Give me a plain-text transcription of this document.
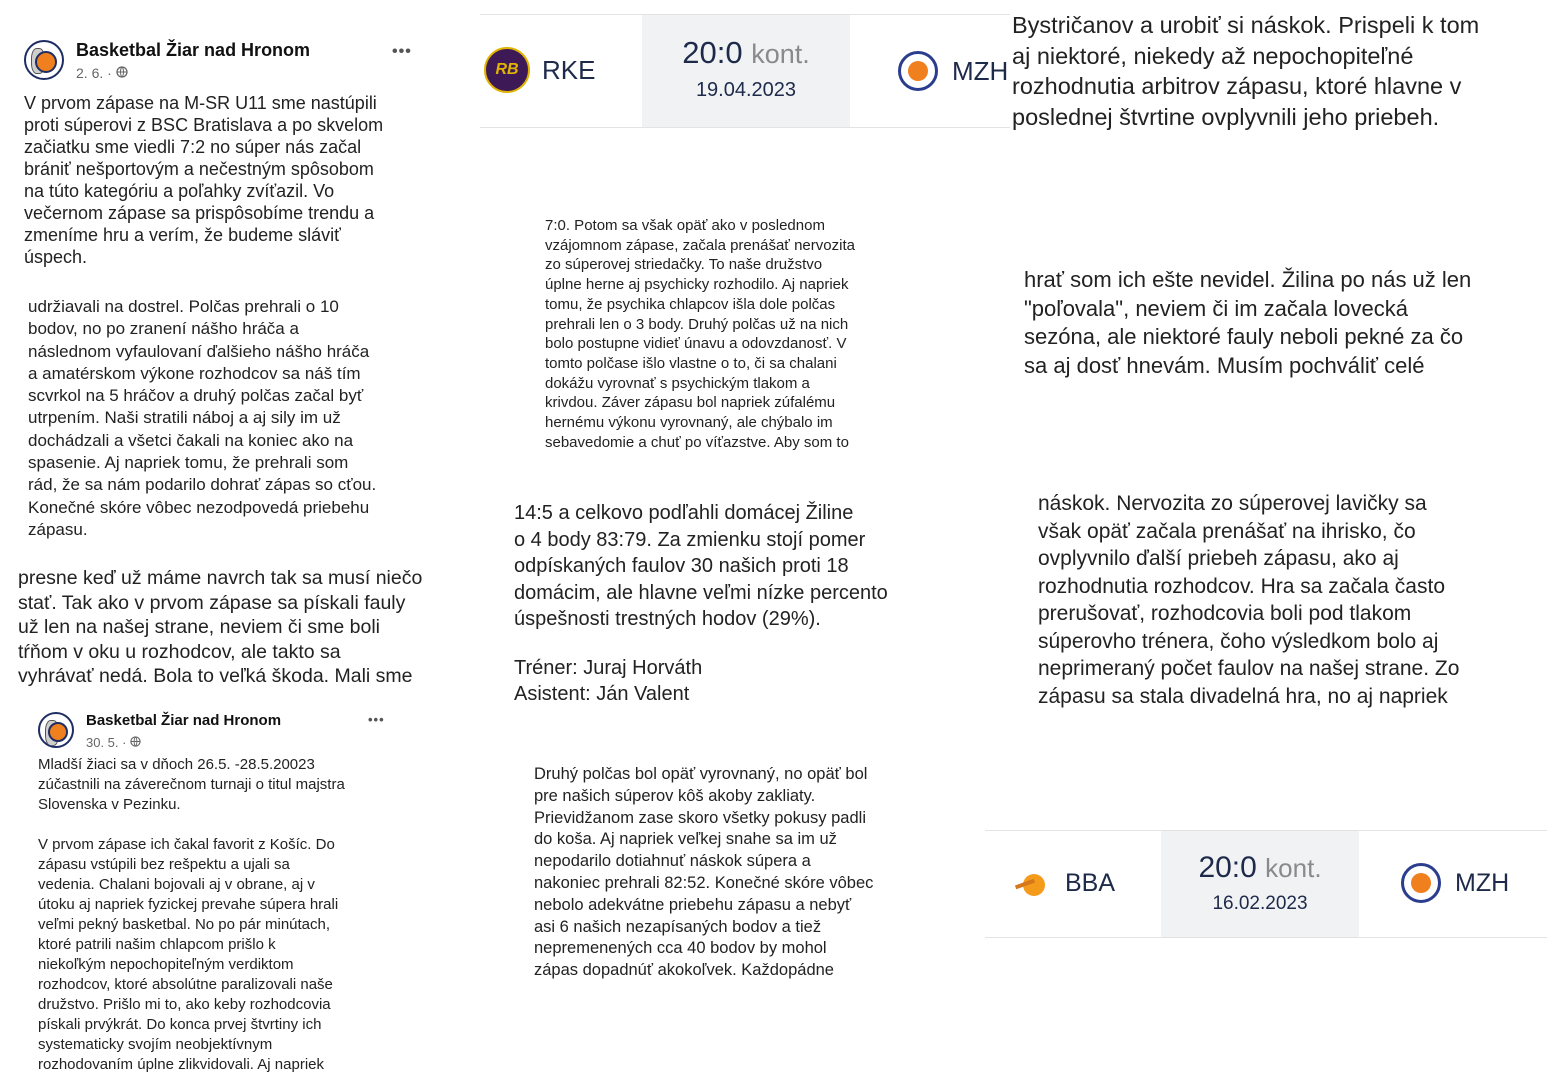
Basketbal Žiar nad Hronom
2. 6. ·
•••
V prvom zápase na M-SR U11 sme nastúpili
proti súperovi z BSC Bratislava a po skvelom
začiatku sme viedli 7:2 no súper nás začal
brániť nešportovým a nečestným spôsobom
na túto kategóriu a poľahky zvíťazil. Vo
večernom zápase sa prispôsobíme trendu a
zmeníme hru a verím, že budeme sláviť
úspech.
udržiavali na dostrel. Polčas prehrali o 10
bodov, no po zranení nášho hráča a
následnom vyfaulovaní ďalšieho nášho hráča
a amatérskom výkone rozhodcov sa náš tím
scvrkol na 5 hráčov a druhý polčas začal byť
utrpením. Naši stratili náboj a aj sily im už
dochádzali a všetci čakali na koniec ako na
spasenie. Aj napriek tomu, že prehrali som
rád, že sa nám podarilo dohrať zápas so cťou.
Konečné skóre vôbec nezodpovedá priebehu
zápasu.
presne keď už máme navrch tak sa musí niečo
stať. Tak ako v prvom zápase sa pískali fauly
už len na našej strane, neviem či sme boli
tŕňom v oku u rozhodcov, ale takto sa
vyhrávať nedá. Bola to veľká škoda. Mali sme
Basketbal Žiar nad Hronom
30. 5. ·
•••
Mladší žiaci sa v dňoch 26.5. -28.5.20023
zúčastnili na záverečnom turnaji o titul majstra
Slovenska v Pezinku.

V prvom zápase ich čakal favorit z Košíc. Do
zápasu vstúpili bez rešpektu a ujali sa
vedenia. Chalani bojovali aj v obrane, aj v
útoku aj napriek fyzickej prevahe súpera hrali
veľmi pekný basketbal. No po pár minútach,
ktoré patrili našim chlapcom prišlo k
niekoľkým nepochopiteľným verdiktom
rozhodcov, ktoré absolútne paralizovali naše
družstvo. Prišlo mi to, ako keby rozhodcovia
pískali prvýkrát. Do konca prvej štvrtiny ich
systematicky svojím neobjektívnym
rozhodovaním úplne zlikvidovali. Aj napriek
RB RKE	20:0 kont.
19.04.2023
MZH
7:0. Potom sa však opäť ako v poslednom
vzájomnom zápase, začala prenášať nervozita
zo súperovej striedačky. To naše družstvo
úplne herne aj psychicky rozhodilo. Aj napriek
tomu, že psychika chlapcov išla dole polčas
prehrali len o 3 body. Druhý polčas už na nich
bolo postupne vidieť únavu a odovzdanosť. V
tomto polčase išlo vlastne o to, či sa chalani
dokážu vyrovnať s psychickým tlakom a
krivdou. Záver zápasu bol napriek zúfalému
hernému výkonu vyrovnaný, ale chýbalo im
sebavedomie a chuť po víťazstve. Aby som to
14:5 a celkovo podľahli domácej Žiline
o 4 body 83:79. Za zmienku stojí pomer
odpískaných faulov 30 našich proti 18
domácim, ale hlavne veľmi nízke percento
úspešnosti trestných hodov (29%).
Tréner: Juraj Horváth
Asistent: Ján Valent
Druhý polčas bol opäť vyrovnaný, no opäť bol
pre našich súperov kôš akoby zakliaty.
Prievidžanom zase skoro všetky pokusy padli
do koša. Aj napriek veľkej snahe sa im už
nepodarilo dotiahnuť náskok súpera a
nakoniec prehrali 82:52. Konečné skóre vôbec
nebolo adekvátne priebehu zápasu a nebyť
asi 6 našich nezapísaných bodov a tiež
nepremenených cca 40 bodov by mohol
zápas dopadnúť akokoľvek. Každopádne
Bystričanov a urobiť si náskok. Prispeli k tom
aj niektoré, niekedy až nepochopiteľné
rozhodnutia arbitrov zápasu, ktoré hlavne v
poslednej štvrtine ovplyvnili jeho priebeh.
hrať som ich ešte nevidel. Žilina po nás už len
"poľovala", neviem či im začala lovecká
sezóna, ale niektoré fauly neboli pekné za čo
sa aj dosť hnevám. Musím pochváliť celé
náskok. Nervozita zo súperovej lavičky sa
však opäť začala prenášať na ihrisko, čo
ovplyvnilo ďalší priebeh zápasu, ako aj
rozhodnutia rozhodcov. Hra sa začala často
prerušovať, rozhodcovia boli pod tlakom
súperovho trénera, čoho výsledkom bolo aj
neprimeraný počet faulov na našej strane. Zo
zápasu sa stala divadelná hra, no aj napriek
BBA	20:0 kont.
16.02.2023
MZH
